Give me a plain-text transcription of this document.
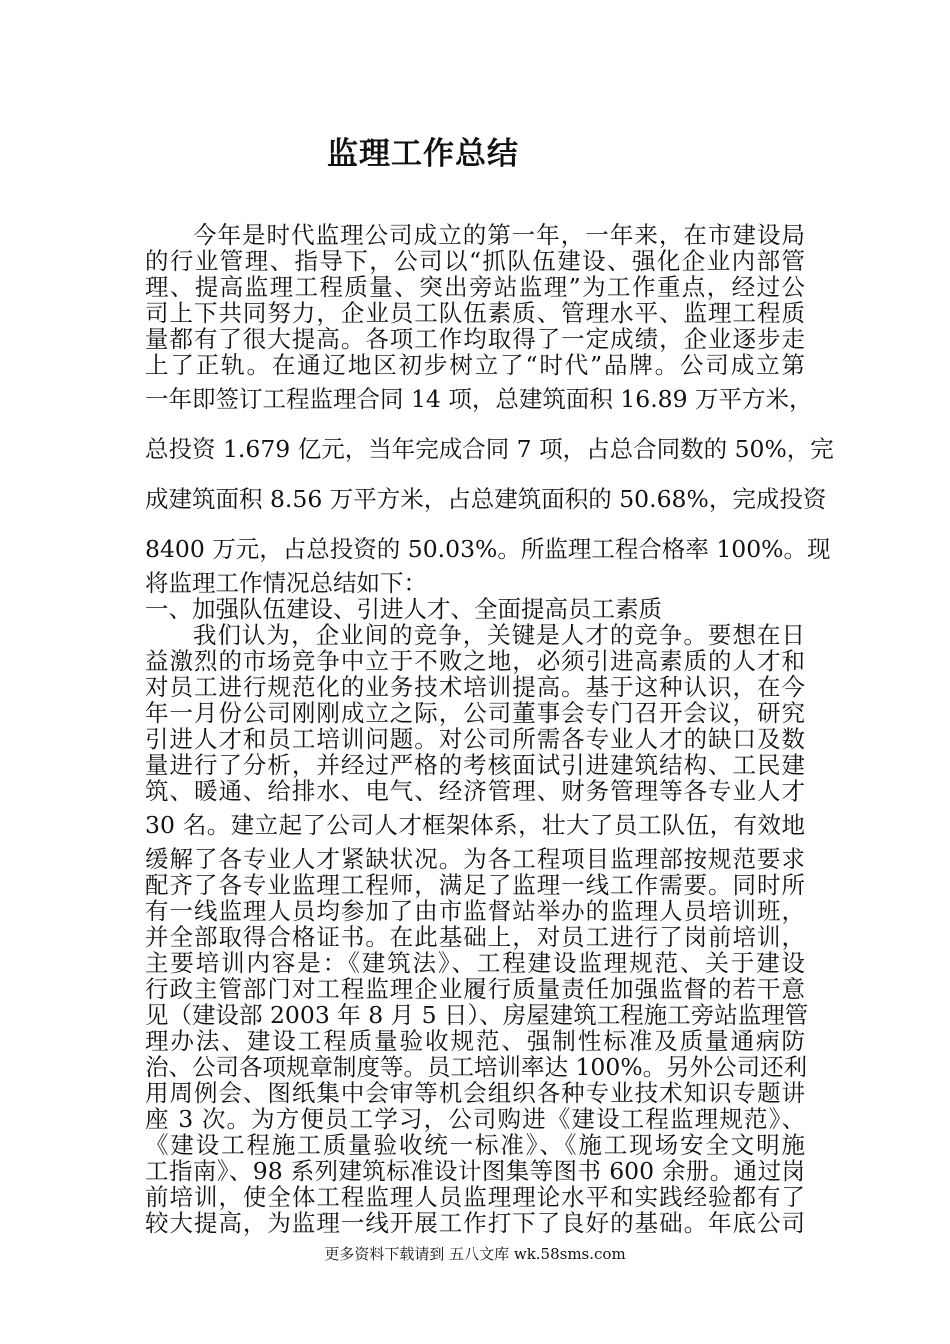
监理工作总结
今年是时代监理公司成立的第一年，一年来，在市建设局
的行业管理、指导下，公司以“抓队伍建设、强化企业内部管
理、提高监理工程质量、突出旁站监理”为工作重点，经过公
司上下共同努力，企业员工队伍素质、管理水平、监理工程质
量都有了很大提高。各项工作均取得了一定成绩，企业逐步走
上了正轨。在通辽地区初步树立了“时代”品牌。公司成立第
一年即签订工程监理合同 14 项，总建筑面积 16.89 万平方米，
总投资 1.679 亿元，当年完成合同 7 项，占总合同数的 50%，完
成建筑面积 8.56 万平方米，占总建筑面积的 50.68%，完成投资
8400 万元，占总投资的 50.03%。所监理工程合格率 100%。现
将监理工作情况总结如下：
一、加强队伍建设、引进人才、全面提高员工素质
我们认为，企业间的竞争，关键是人才的竞争。要想在日
益激烈的市场竞争中立于不败之地，必须引进高素质的人才和
对员工进行规范化的业务技术培训提高。基于这种认识，在今
年一月份公司刚刚成立之际，公司董事会专门召开会议，研究
引进人才和员工培训问题。对公司所需各专业人才的缺口及数
量进行了分析，并经过严格的考核面试引进建筑结构、工民建
筑、暖通、给排水、电气、经济管理、财务管理等各专业人才
30 名。建立起了公司人才框架体系，壮大了员工队伍，有效地
缓解了各专业人才紧缺状况。为各工程项目监理部按规范要求
配齐了各专业监理工程师，满足了监理一线工作需要。同时所
有一线监理人员均参加了由市监督站举办的监理人员培训班，
并全部取得合格证书。在此基础上，对员工进行了岗前培训，
主要培训内容是：《建筑法》、工程建设监理规范、关于建设
行政主管部门对工程监理企业履行质量责任加强监督的若干意
见（建设部 2003 年 8 月 5 日）、房屋建筑工程施工旁站监理管
理办法、建设工程质量验收规范、强制性标准及质量通病防
治、公司各项规章制度等。员工培训率达 100%。另外公司还利
用周例会、图纸集中会审等机会组织各种专业技术知识专题讲
座 3 次。为方便员工学习，公司购进《建设工程监理规范》、
《建设工程施工质量验收统一标准》、《施工现场安全文明施
工指南》、98 系列建筑标准设计图集等图书 600 余册。通过岗
前培训，使全体工程监理人员监理理论水平和实践经验都有了
较大提高，为监理一线开展工作打下了良好的基础。年底公司
更多资料下载请到 五八文库 wk.58sms.com
